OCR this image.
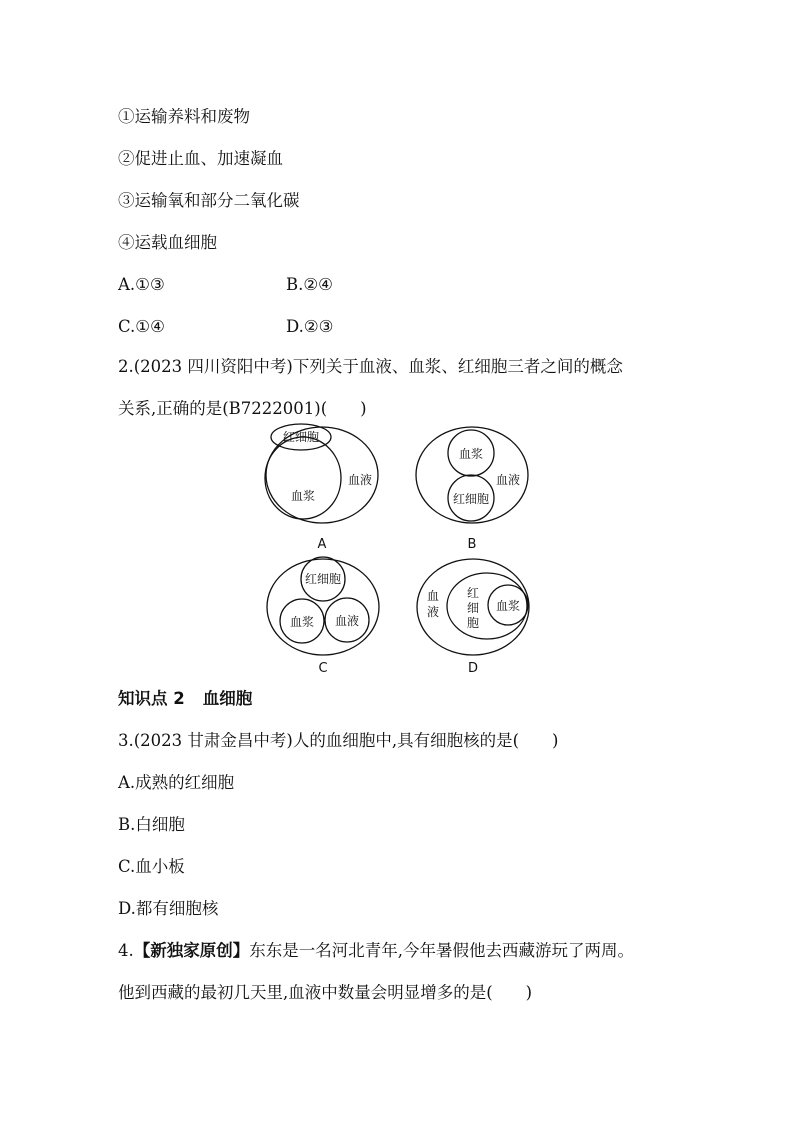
①运输养料和废物
②促进止血、加速凝血
③运输氧和部分二氧化碳
④运载血细胞
A.①③	B.②④
C.①④	D.②③
2.(2023 四川资阳中考)下列关于血液、血浆、红细胞三者之间的概念
关系,正确的是(B7222001)(　　)
红细胞
血浆
血液
血浆
红细胞
血液
红细胞
血浆 血液
血
液
红
细
胞
血浆
A	B
C	D
知识点 2 血细胞
3.(2023 甘肃金昌中考)人的血细胞中,具有细胞核的是(　　)
A.成熟的红细胞
B.白细胞
C.血小板
D.都有细胞核
4.【新独家原创】东东是一名河北青年,今年暑假他去西藏游玩了两周。
他到西藏的最初几天里,血液中数量会明显增多的是(　　)
